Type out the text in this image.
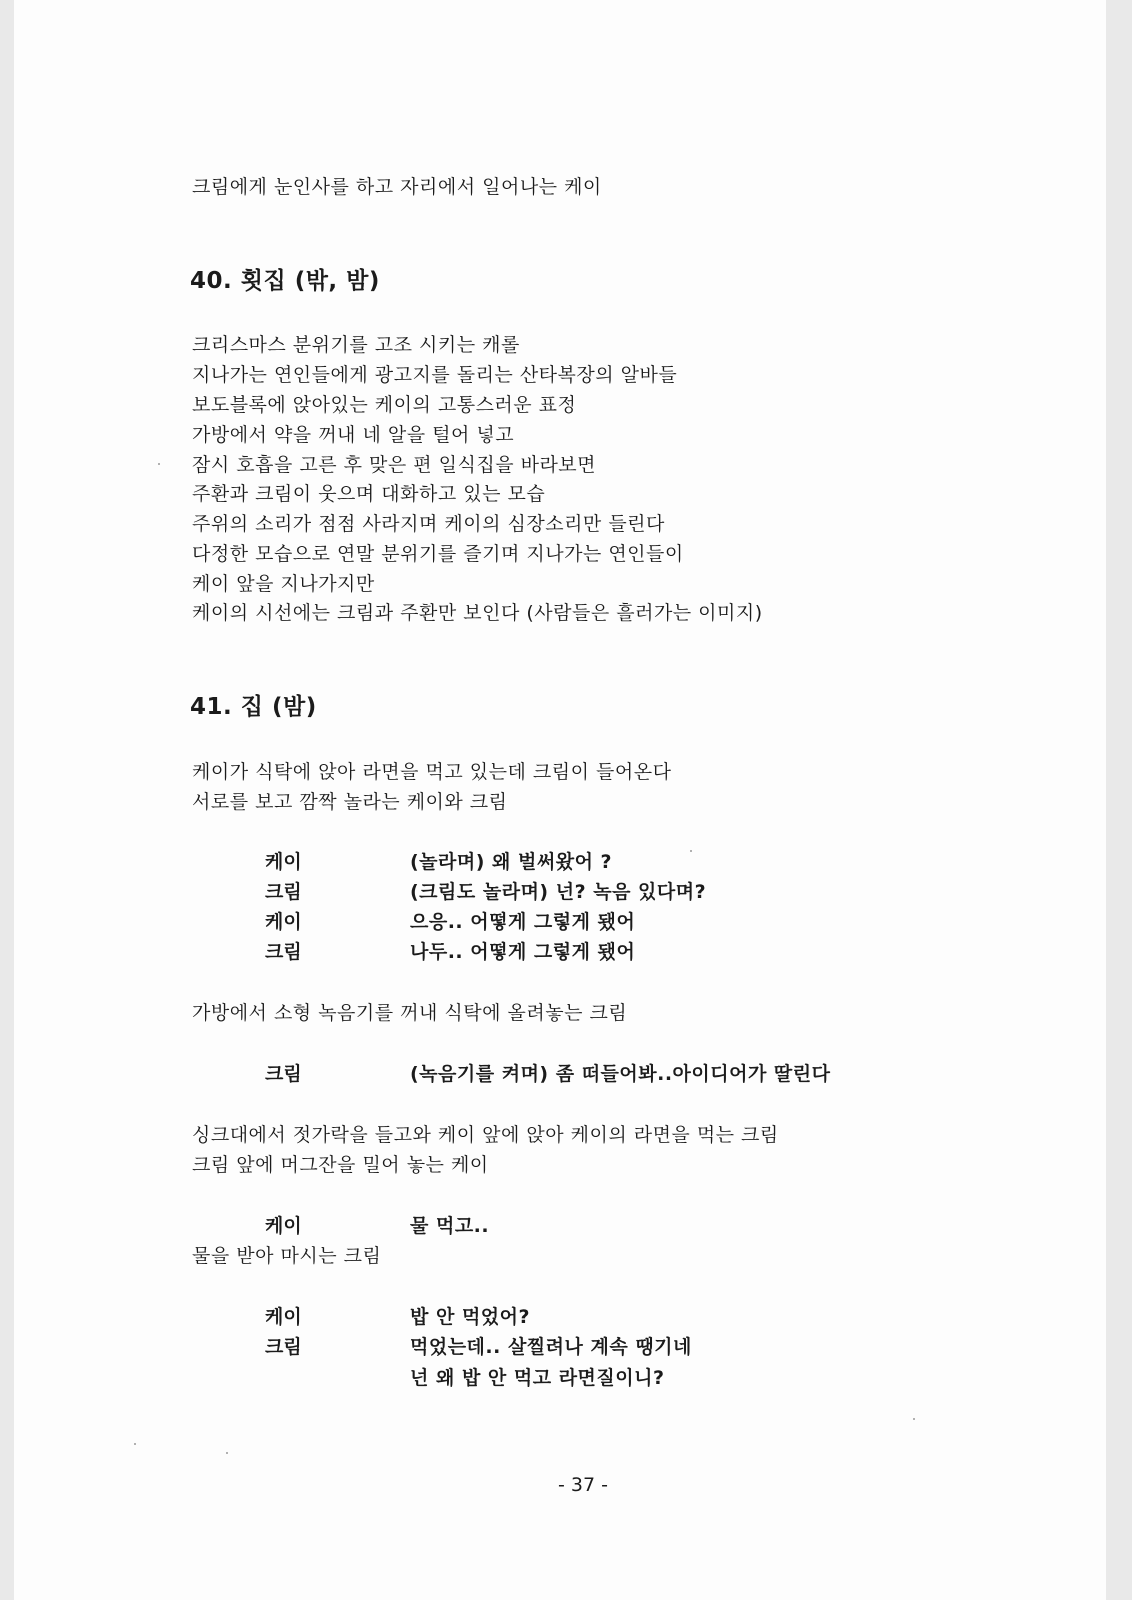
크림에게 눈인사를 하고 자리에서 일어나는 케이
40. 횟집 (밖, 밤)
크리스마스 분위기를 고조 시키는 캐롤
지나가는 연인들에게 광고지를 돌리는 산타복장의 알바들
보도블록에 앉아있는 케이의 고통스러운 표정
가방에서 약을 꺼내 네 알을 털어 넣고
잠시 호흡을 고른 후 맞은 편 일식집을 바라보면
주환과 크림이 웃으며 대화하고 있는 모습
주위의 소리가 점점 사라지며 케이의 심장소리만 들린다
다정한 모습으로 연말 분위기를 즐기며 지나가는 연인들이
케이 앞을 지나가지만
케이의 시선에는 크림과 주환만 보인다 (사람들은 흘러가는 이미지)
41. 집 (밤)
케이가 식탁에 앉아 라면을 먹고 있는데 크림이 들어온다
서로를 보고 깜짝 놀라는 케이와 크림
케이	(놀라며) 왜 벌써왔어 ?
크림	(크림도 놀라며) 넌? 녹음 있다며?
케이	으응.. 어떻게 그렇게 됐어
크림	나두.. 어떻게 그렇게 됐어
가방에서 소형 녹음기를 꺼내 식탁에 올려놓는 크림
크림	(녹음기를 켜며) 좀 떠들어봐..아이디어가 딸린다
싱크대에서 젓가락을 들고와 케이 앞에 앉아 케이의 라면을 먹는 크림
크림 앞에 머그잔을 밀어 놓는 케이
케이	물 먹고..
물을 받아 마시는 크림
케이	밥 안 먹었어?
크림	먹었는데.. 살찔려나 계속 땡기네
넌 왜 밥 안 먹고 라면질이니?
- 37 -
